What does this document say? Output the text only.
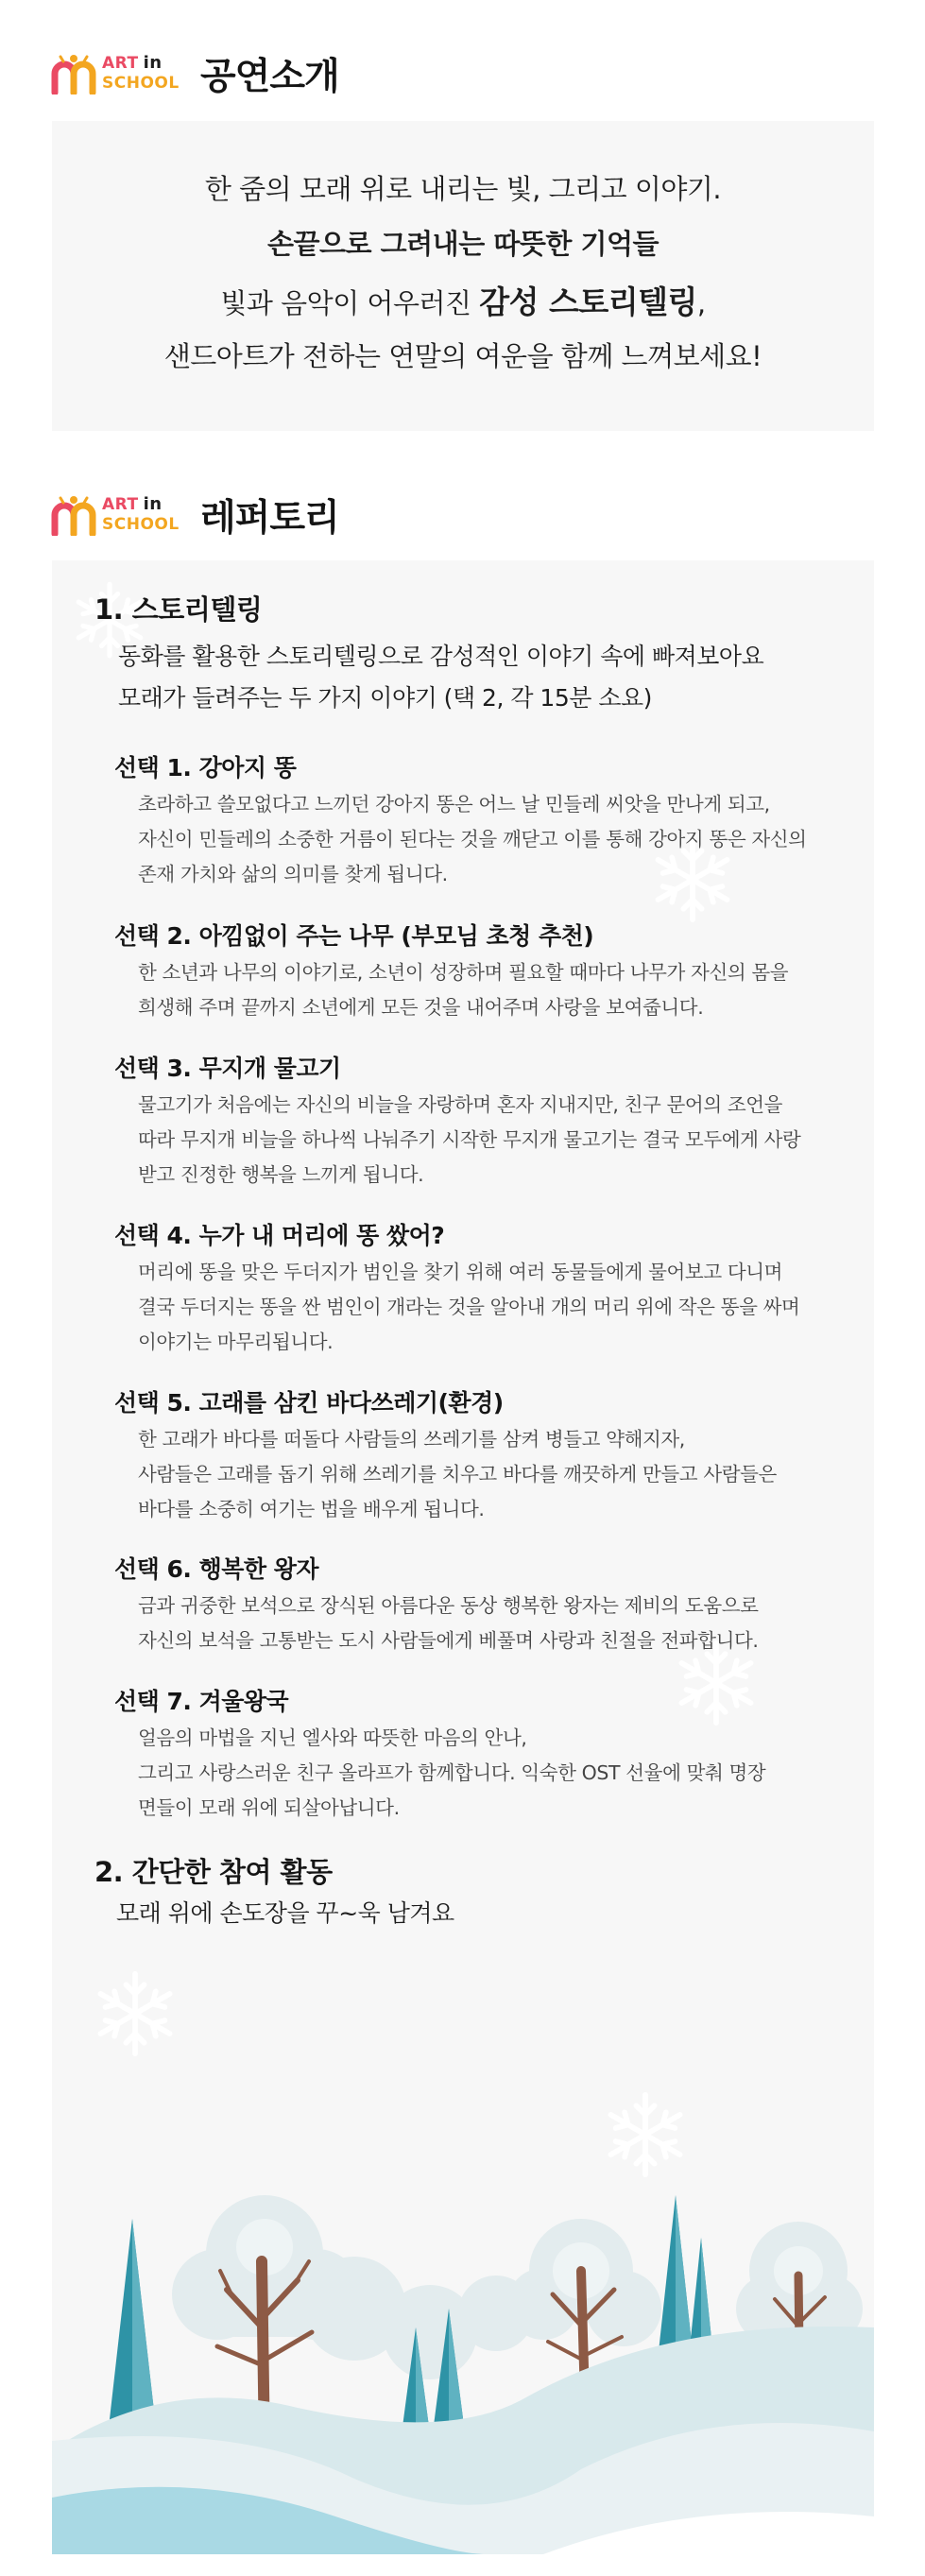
ART in
SCHOOL 공연소개
한 줌의 모래 위로 내리는 빛, 그리고 이야기.
손끝으로 그려내는 따뜻한 기억들
빛과 음악이 어우러진 감성 스토리텔링,
샌드아트가 전하는 연말의 여운을 함께 느껴보세요!
ART in
SCHOOL 레퍼토리
1. 스토리텔링
동화를 활용한 스토리텔링으로 감성적인 이야기 속에 빠져보아요
모래가 들려주는 두 가지 이야기 (택 2, 각 15분 소요)
선택 1. 강아지 똥
초라하고 쓸모없다고 느끼던 강아지 똥은 어느 날 민들레 씨앗을 만나게 되고,
자신이 민들레의 소중한 거름이 된다는 것을 깨닫고 이를 통해 강아지 똥은 자신의
존재 가치와 삶의 의미를 찾게 됩니다.
선택 2. 아낌없이 주는 나무 (부모님 초청 추천)
한 소년과 나무의 이야기로, 소년이 성장하며 필요할 때마다 나무가 자신의 몸을
희생해 주며 끝까지 소년에게 모든 것을 내어주며 사랑을 보여줍니다.
선택 3. 무지개 물고기
물고기가 처음에는 자신의 비늘을 자랑하며 혼자 지내지만, 친구 문어의 조언을
따라 무지개 비늘을 하나씩 나눠주기 시작한 무지개 물고기는 결국 모두에게 사랑
받고 진정한 행복을 느끼게 됩니다.
선택 4. 누가 내 머리에 똥 쌌어?
머리에 똥을 맞은 두더지가 범인을 찾기 위해 여러 동물들에게 물어보고 다니며
결국 두더지는 똥을 싼 범인이 개라는 것을 알아내 개의 머리 위에 작은 똥을 싸며
이야기는 마무리됩니다.
선택 5. 고래를 삼킨 바다쓰레기(환경)
한 고래가 바다를 떠돌다 사람들의 쓰레기를 삼켜 병들고 약해지자,
사람들은 고래를 돕기 위해 쓰레기를 치우고 바다를 깨끗하게 만들고 사람들은
바다를 소중히 여기는 법을 배우게 됩니다.
선택 6. 행복한 왕자
금과 귀중한 보석으로 장식된 아름다운 동상 행복한 왕자는 제비의 도움으로
자신의 보석을 고통받는 도시 사람들에게 베풀며 사랑과 친절을 전파합니다.
선택 7. 겨울왕국
얼음의 마법을 지닌 엘사와 따뜻한 마음의 안나,
그리고 사랑스러운 친구 올라프가 함께합니다. 익숙한 OST 선율에 맞춰 명장
면들이 모래 위에 되살아납니다.
2. 간단한 참여 활동
모래 위에 손도장을 꾸~욱 남겨요
